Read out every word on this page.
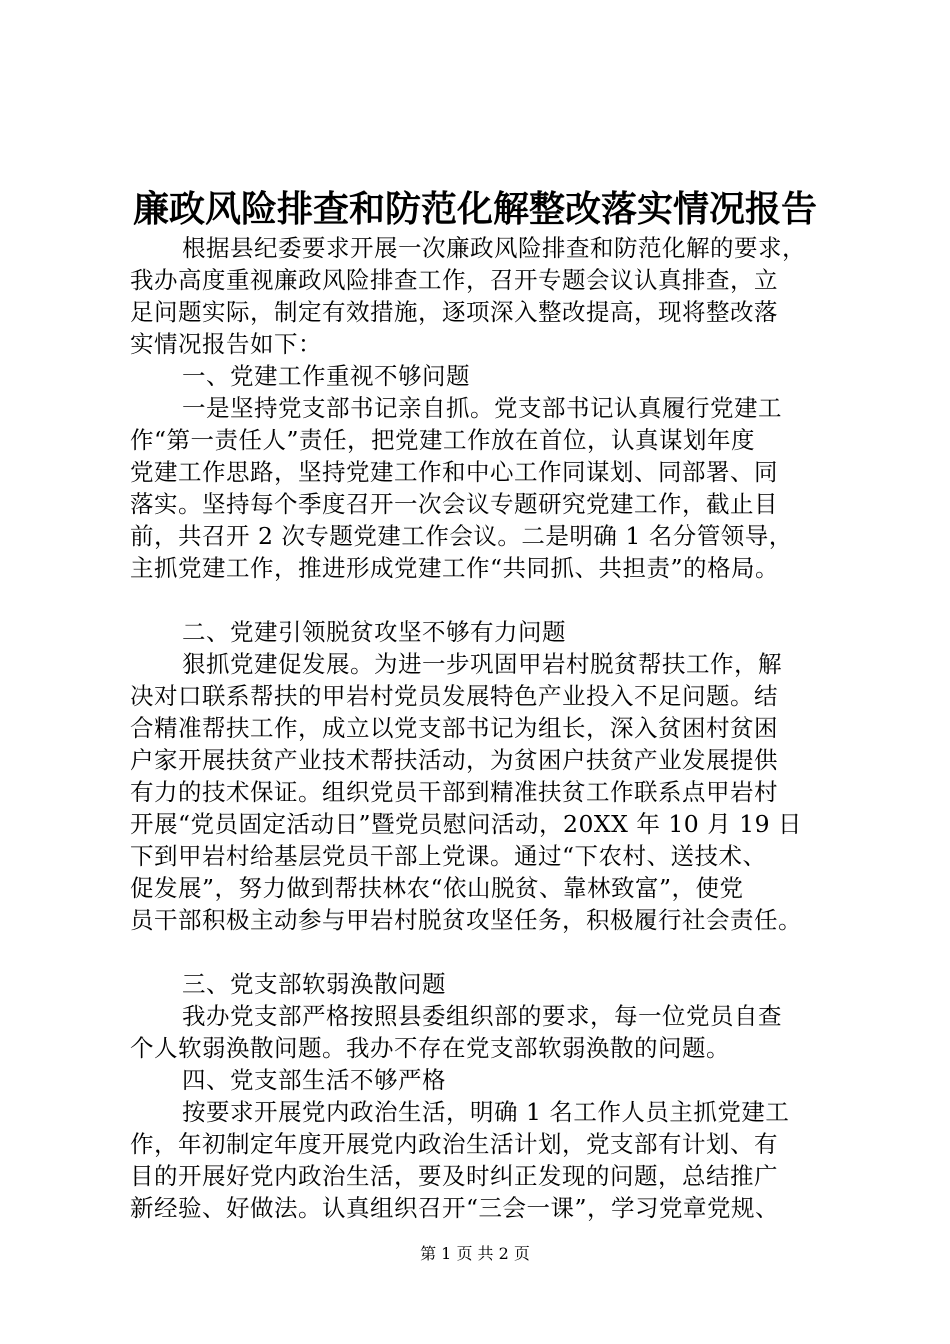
廉政风险排查和防范化解整改落实情况报告
根据县纪委要求开展一次廉政风险排查和防范化解的要求，
我办高度重视廉政风险排查工作，召开专题会议认真排查，立
足问题实际，制定有效措施，逐项深入整改提高，现将整改落
实情况报告如下：
一、党建工作重视不够问题
一是坚持党支部书记亲自抓。党支部书记认真履行党建工
作“第一责任人”责任，把党建工作放在首位，认真谋划年度
党建工作思路，坚持党建工作和中心工作同谋划、同部署、同
落实。坚持每个季度召开一次会议专题研究党建工作，截止目
前，共召开 2 次专题党建工作会议。二是明确 1 名分管领导，
主抓党建工作，推进形成党建工作“共同抓、共担责”的格局。
二、党建引领脱贫攻坚不够有力问题
狠抓党建促发展。为进一步巩固甲岩村脱贫帮扶工作，解
决对口联系帮扶的甲岩村党员发展特色产业投入不足问题。结
合精准帮扶工作，成立以党支部书记为组长，深入贫困村贫困
户家开展扶贫产业技术帮扶活动，为贫困户扶贫产业发展提供
有力的技术保证。组织党员干部到精准扶贫工作联系点甲岩村
开展“党员固定活动日”暨党员慰问活动，20XX 年 10 月 19 日
下到甲岩村给基层党员干部上党课。通过“下农村、送技术、
促发展”，努力做到帮扶林农“依山脱贫、靠林致富”，使党
员干部积极主动参与甲岩村脱贫攻坚任务，积极履行社会责任。
三、党支部软弱涣散问题
我办党支部严格按照县委组织部的要求，每一位党员自查
个人软弱涣散问题。我办不存在党支部软弱涣散的问题。
四、党支部生活不够严格
按要求开展党内政治生活，明确 1 名工作人员主抓党建工
作，年初制定年度开展党内政治生活计划，党支部有计划、有
目的开展好党内政治生活，要及时纠正发现的问题，总结推广
新经验、好做法。认真组织召开“三会一课”，学习党章党规、
第 1 页 共 2 页
